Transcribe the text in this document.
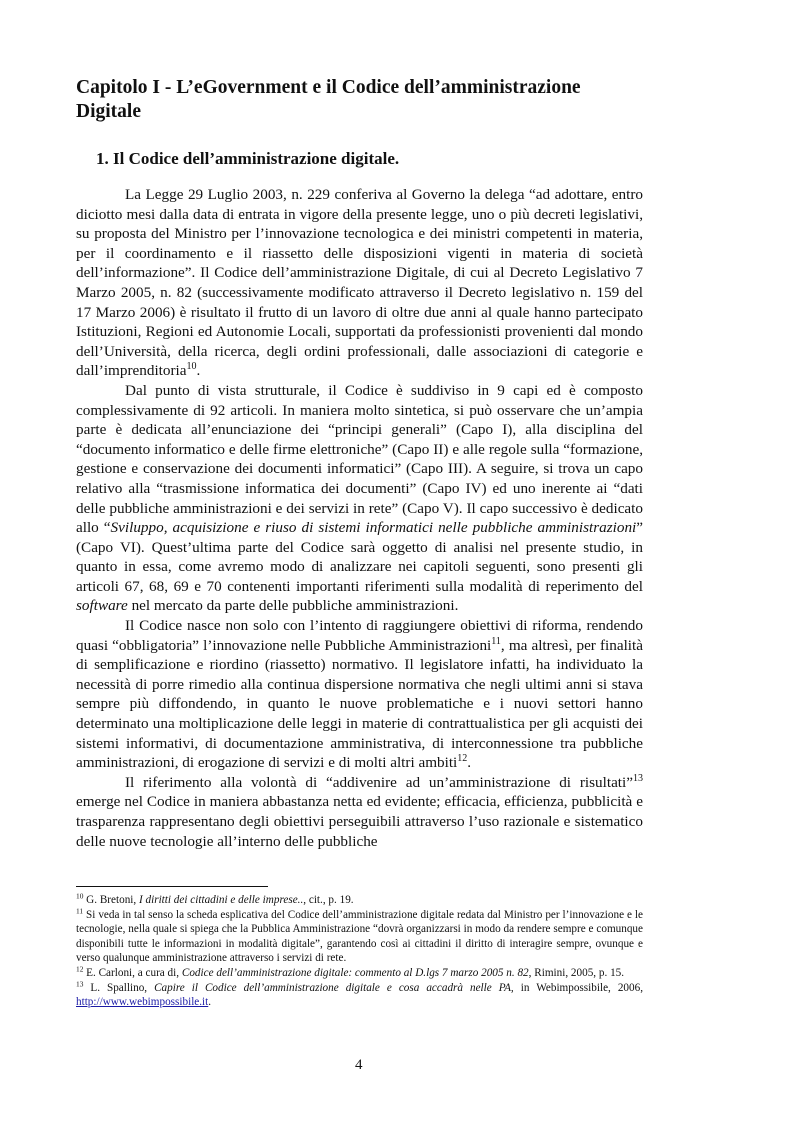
Capitolo I - L’eGovernment e il Codice dell’amministrazione Digitale
1. Il Codice dell’amministrazione digitale.

La Legge 29 Luglio 2003, n. 229 conferiva al Governo la delega “ad adottare, entro diciotto mesi dalla data di entrata in vigore della presente legge, uno o più decreti legislativi, su proposta del Ministro per l’innovazione tecnologica e dei ministri competenti in materia, per il coordinamento e il riassetto delle disposizioni vigenti in materia di società dell’informazione”. Il Codice dell’amministrazione Digitale, di cui al Decreto Legislativo 7 Marzo 2005, n. 82 (successivamente modificato attraverso il Decreto legislativo n. 159 del 17 Marzo 2006) è risultato il frutto di un lavoro di oltre due anni al quale hanno partecipato Istituzioni, Regioni ed Autonomie Locali, supportati da professionisti provenienti dal mondo dell’Università, della ricerca, degli ordini professionali, dalle associazioni di categorie e dall’imprenditoria$^{10}$.

Dal punto di vista strutturale, il Codice è suddiviso in 9 capi ed è composto complessivamente di 92 articoli. In maniera molto sintetica, si può osservare che un’ampia parte è dedicata all’enunciazione dei “principi generali” (Capo I), alla disciplina del “documento informatico e delle firme elettroniche” (Capo II) e alle regole sulla “formazione, gestione e conservazione dei documenti informatici” (Capo III). A seguire, si trova un capo relativo alla “trasmissione informatica dei documenti” (Capo IV) ed uno inerente ai “dati delle pubbliche amministrazioni e dei servizi in rete” (Capo V). Il capo successivo è dedicato allo “Sviluppo, acquisizione e riuso di sistemi informatici nelle pubbliche amministrazioni” (Capo VI). Quest’ultima parte del Codice sarà oggetto di analisi nel presente studio, in quanto in essa, come avremo modo di analizzare nei capitoli seguenti, sono presenti gli articoli 67, 68, 69 e 70 contenenti importanti riferimenti sulla modalità di reperimento del software nel mercato da parte delle pubbliche amministrazioni.

Il Codice nasce non solo con l’intento di raggiungere obiettivi di riforma, rendendo quasi “obbligatoria” l’innovazione nelle Pubbliche Amministrazioni$^{11}$, ma altresì, per finalità di semplificazione e riordino (riassetto) normativo. Il legislatore infatti, ha individuato la necessità di porre rimedio alla continua dispersione normativa che negli ultimi anni si stava sempre più diffondendo, in quanto le nuove problematiche e i nuovi settori hanno determinato una moltiplicazione delle leggi in materie di contrattualistica per gli acquisti dei sistemi informativi, di documentazione amministrativa, di interconnessione tra pubbliche amministrazioni, di erogazione di servizi e di molti altri ambiti$^{12}$.

Il riferimento alla volontà di “addivenire ad un’amministrazione di risultati”$^{13}$ emerge nel Codice in maniera abbastanza netta ed evidente; efficacia, efficienza, pubblicità e trasparenza rappresentano degli obiettivi perseguibili attraverso l’uso razionale e sistematico delle nuove tecnologie all’interno delle pubbliche

$^{10}$ G. Bretoni, I diritti dei cittadini e delle imprese.., cit., p. 19.
$^{11}$ Si veda in tal senso la scheda esplicativa del Codice dell’amministrazione digitale redata dal Ministro per l’innovazione e le tecnologie, nella quale si spiega che la Pubblica Amministrazione “dovrà organizzarsi in modo da rendere sempre e comunque disponibili tutte le informazioni in modalità digitale”, garantendo così ai cittadini il diritto di interagire sempre, ovunque e verso qualunque amministrazione attraverso i servizi di rete.
$^{12}$ E. Carloni, a cura di, Codice dell’amministrazione digitale: commento al D.lgs 7 marzo 2005 n. 82, Rimini, 2005, p. 15.
$^{13}$ L. Spallino, Capire il Codice dell’amministrazione digitale e cosa accadrà nelle PA, in Webimpossibile, 2006, http://www.webimpossibile.it.
4
